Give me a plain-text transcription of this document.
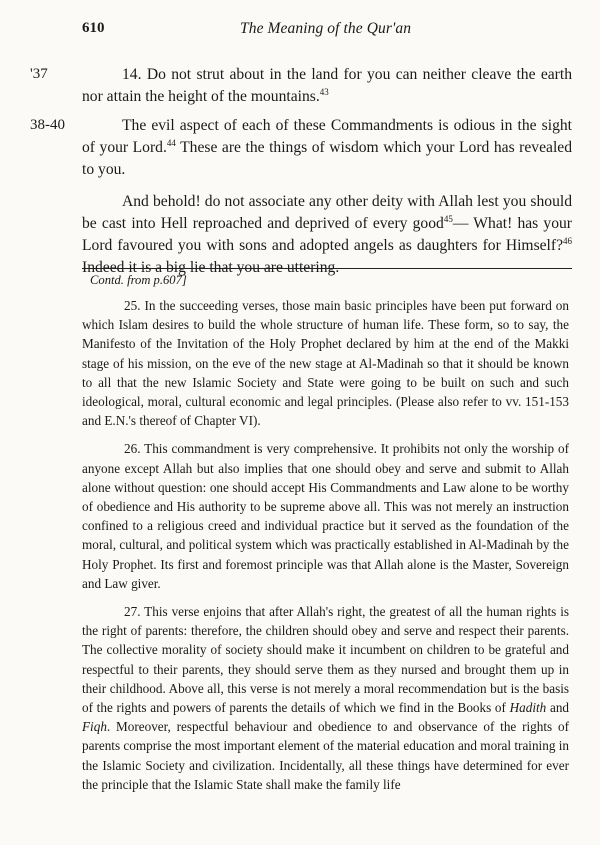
610	The Meaning of the Qur'an
'37	14. Do not strut about in the land for you can neither cleave the earth nor attain the height of the mountains.$^{43}$

38-40	The evil aspect of each of these Commandments is odious in the sight of your Lord.$^{44}$ These are the things of wisdom which your Lord has revealed to you.

And behold! do not associate any other deity with Allah lest you should be cast into Hell reproached and deprived of every good$^{45}$— What! has your Lord favoured you with sons and adopted angels as daughters for Himself?$^{46}$ Indeed it is a big lie that you are uttering.

Contd. from p.607]

25. In the succeeding verses, those main basic principles have been put forward on which Islam desires to build the whole structure of human life. These form, so to say, the Manifesto of the Invitation of the Holy Prophet declared by him at the end of the Makki stage of his mission, on the eve of the new stage at Al-Madinah so that it should be known to all that the new Islamic Society and State were going to be built on such and such ideological, moral, cultural economic and legal principles. (Please also refer to vv. 151-153 and E.N.'s thereof of Chapter VI).

26. This commandment is very comprehensive. It prohibits not only the worship of anyone except Allah but also implies that one should obey and serve and submit to Allah alone without question: one should accept His Commandments and Law alone to be worthy of obedience and His authority to be supreme above all. This was not merely an instruction confined to a religious creed and individual practice but it served as the foundation of the moral, cultural, and political system which was practically established in Al-Madinah by the Holy Prophet. Its first and foremost principle was that Allah alone is the Master, Sovereign and Law giver.

27. This verse enjoins that after Allah's right, the greatest of all the human rights is the right of parents: therefore, the children should obey and serve and respect their parents. The collective morality of society should make it incumbent on children to be grateful and respectful to their parents, they should serve them as they nursed and brought them up in their childhood. Above all, this verse is not merely a moral recommendation but is the basis of the rights and powers of parents the details of which we find in the Books of Hadith and Fiqh. Moreover, respectful behaviour and obedience to and observance of the rights of parents comprise the most important element of the material education and moral training in the Islamic Society and civilization. Incidentally, all these things have determined for ever the principle that the Islamic State shall make the family life
